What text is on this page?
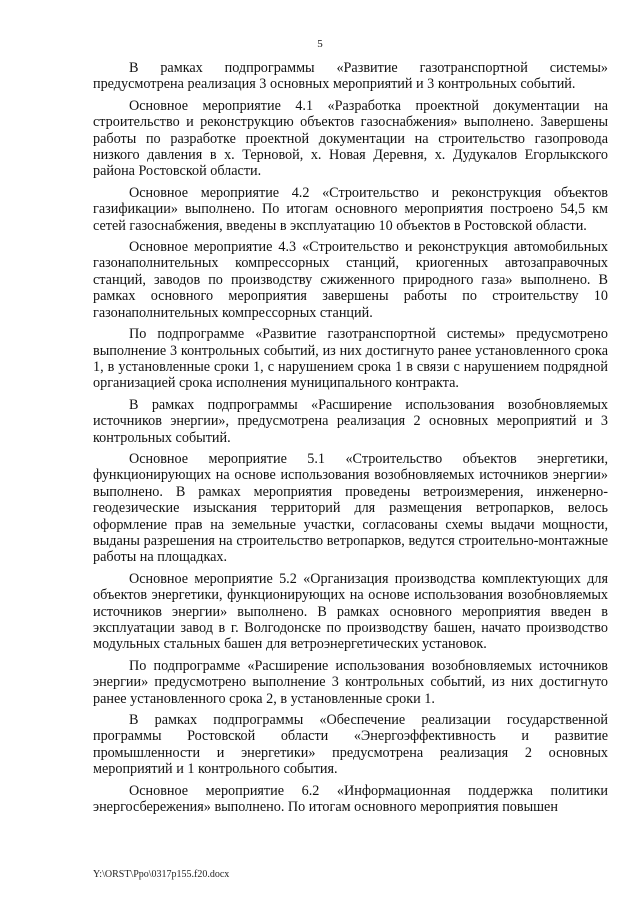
5

В рамках подпрограммы «Развитие газотранспортной системы» предусмотрена реализация 3 основных мероприятий и 3 контрольных событий.

Основное мероприятие 4.1 «Разработка проектной документации на строительство и реконструкцию объектов газоснабжения» выполнено. Завершены работы по разработке проектной документации на строительство газопровода низкого давления в х. Терновой, х. Новая Деревня, х. Дудукалов Егорлыкского района Ростовской области.

Основное мероприятие 4.2 «Строительство и реконструкция объектов газификации» выполнено. По итогам основного мероприятия построено 54,5 км сетей газоснабжения, введены в эксплуатацию 10 объектов в Ростовской области.

Основное мероприятие 4.3 «Строительство и реконструкция автомобильных газонаполнительных компрессорных станций, криогенных автозаправочных станций, заводов по производству сжиженного природного газа» выполнено. В рамках основного мероприятия завершены работы по строительству 10 газонаполнительных компрессорных станций.

По подпрограмме «Развитие газотранспортной системы» предусмотрено выполнение 3 контрольных событий, из них достигнуто ранее установленного срока 1, в установленные сроки 1, с нарушением срока 1 в связи с нарушением подрядной организацией срока исполнения муниципального контракта.

В рамках подпрограммы «Расширение использования возобновляемых источников энергии», предусмотрена реализация 2 основных мероприятий и 3 контрольных событий.

Основное мероприятие 5.1 «Строительство объектов энергетики, функционирующих на основе использования возобновляемых источников энергии» выполнено. В рамках мероприятия проведены ветроизмерения, инженерно-геодезические изыскания территорий для размещения ветропарков, велось оформление прав на земельные участки, согласованы схемы выдачи мощности, выданы разрешения на строительство ветропарков, ведутся строительно-монтажные работы на площадках.

Основное мероприятие 5.2 «Организация производства комплектующих для объектов энергетики, функционирующих на основе использования возобновляемых источников энергии» выполнено. В рамках основного мероприятия введен в эксплуатации завод в г. Волгодонске по производству башен, начато производство модульных стальных башен для ветроэнергетических установок.

По подпрограмме «Расширение использования возобновляемых источников энергии» предусмотрено выполнение 3 контрольных событий, из них достигнуто ранее установленного срока 2, в установленные сроки 1.

В рамках подпрограммы «Обеспечение реализации государственной программы Ростовской области «Энергоэффективность и развитие промышленности и энергетики» предусмотрена реализация 2 основных мероприятий и 1 контрольного события.

Основное мероприятие 6.2 «Информационная поддержка политики энергосбережения» выполнено. По итогам основного мероприятия повышен

Y:\ORST\Ppo\0317p155.f20.docx
